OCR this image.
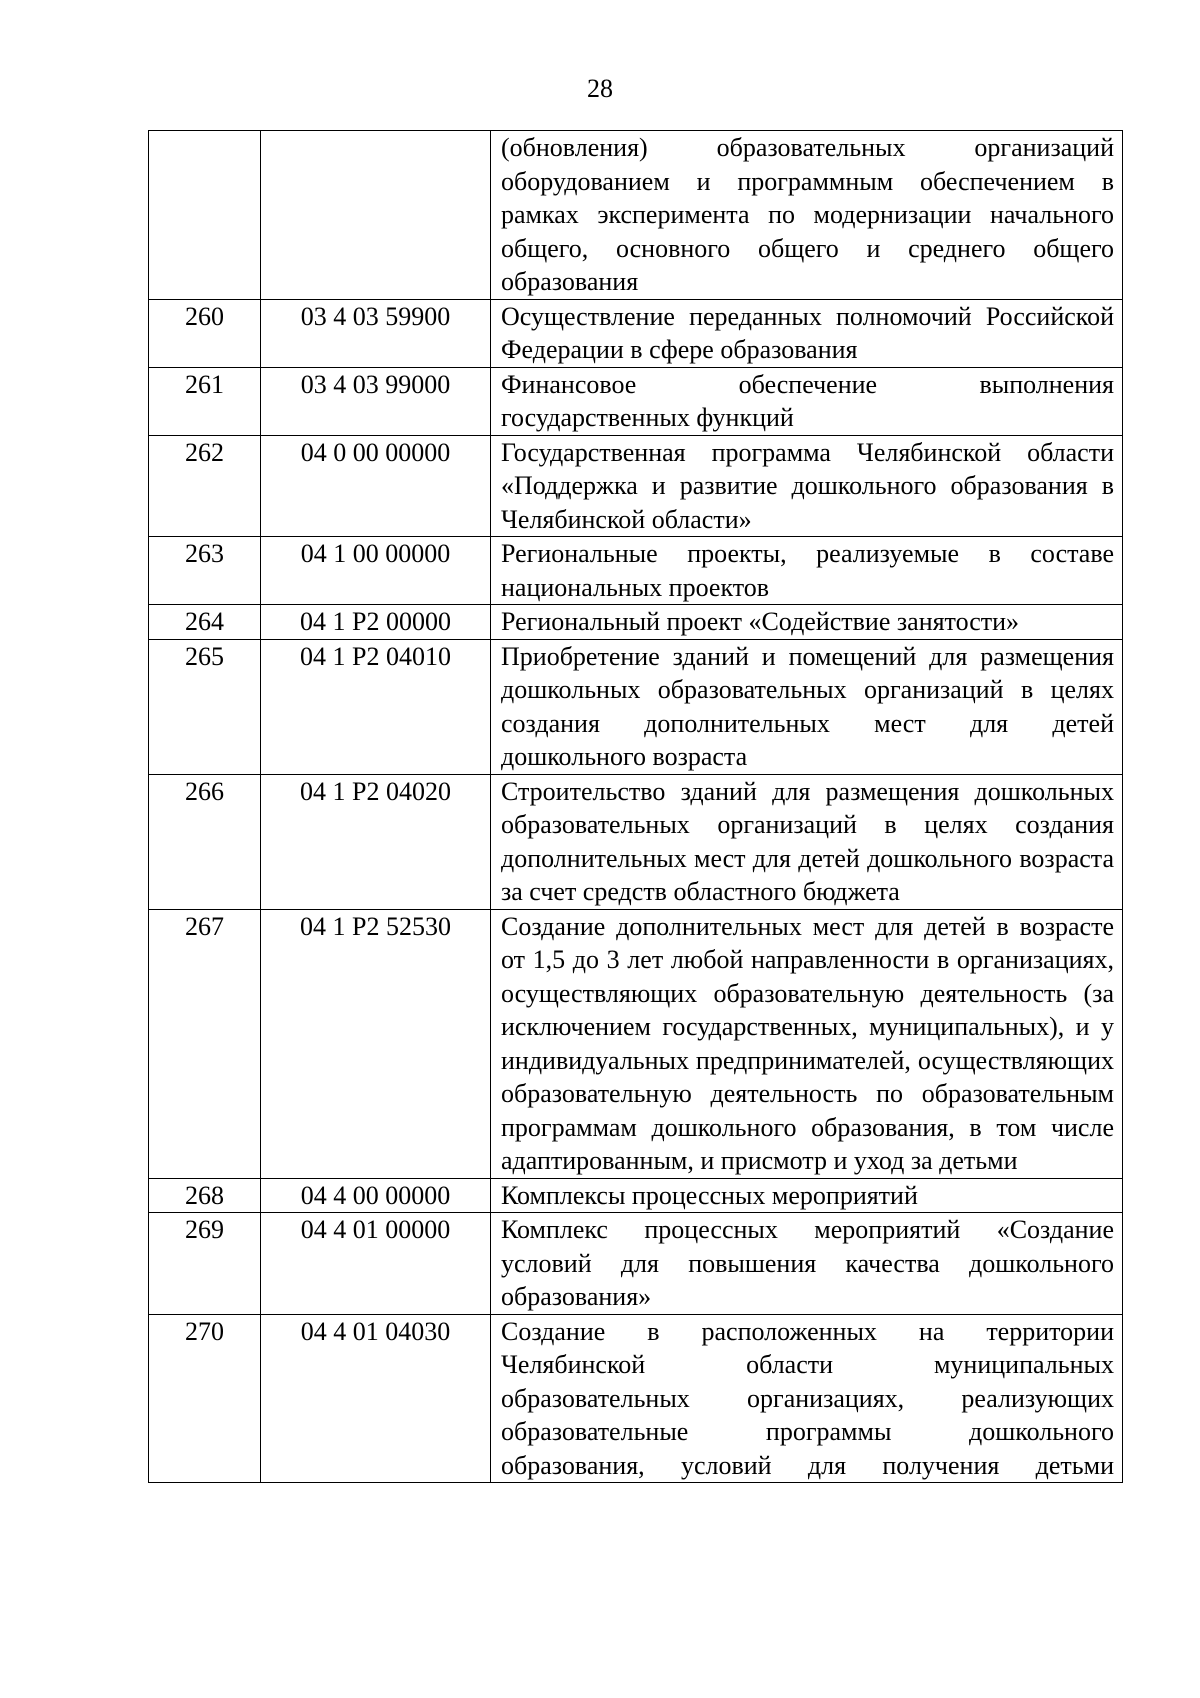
28
		(обновления) образовательных организаций оборудованием и программным обеспечением в рамках эксперимента по модернизации начального общего, основного общего и среднего общего образования
260	03 4 03 59900	Осуществление переданных полномочий Российской Федерации в сфере образования
261	03 4 03 99000	Финансовое обеспечение выполнения государственных функций
262	04 0 00 00000	Государственная программа Челябинской области «Поддержка и развитие дошкольного образования в Челябинской области»
263	04 1 00 00000	Региональные проекты, реализуемые в составе национальных проектов
264	04 1 P2 00000	Региональный проект «Содействие занятости»
265	04 1 P2 04010	Приобретение зданий и помещений для размещения дошкольных образовательных организаций в целях создания дополнительных мест для детей дошкольного возраста
266	04 1 P2 04020	Строительство зданий для размещения дошкольных образовательных организаций в целях создания дополнительных мест для детей дошкольного возраста за счет средств областного бюджета
267	04 1 P2 52530	Создание дополнительных мест для детей в возрасте от 1,5 до 3 лет любой направленности в организациях, осуществляющих образовательную деятельность (за исключением государственных, муниципальных), и у индивидуальных предпринимателей, осуществляющих образовательную деятельность по образовательным программам дошкольного образования, в том числе адаптированным, и присмотр и уход за детьми
268	04 4 00 00000	Комплексы процессных мероприятий
269	04 4 01 00000	Комплекс процессных мероприятий «Создание условий для повышения качества дошкольного образования»
270	04 4 01 04030	Создание в расположенных на территории Челябинской области муниципальных образовательных организациях, реализующих образовательные программы дошкольного образования, условий для получения детьми
